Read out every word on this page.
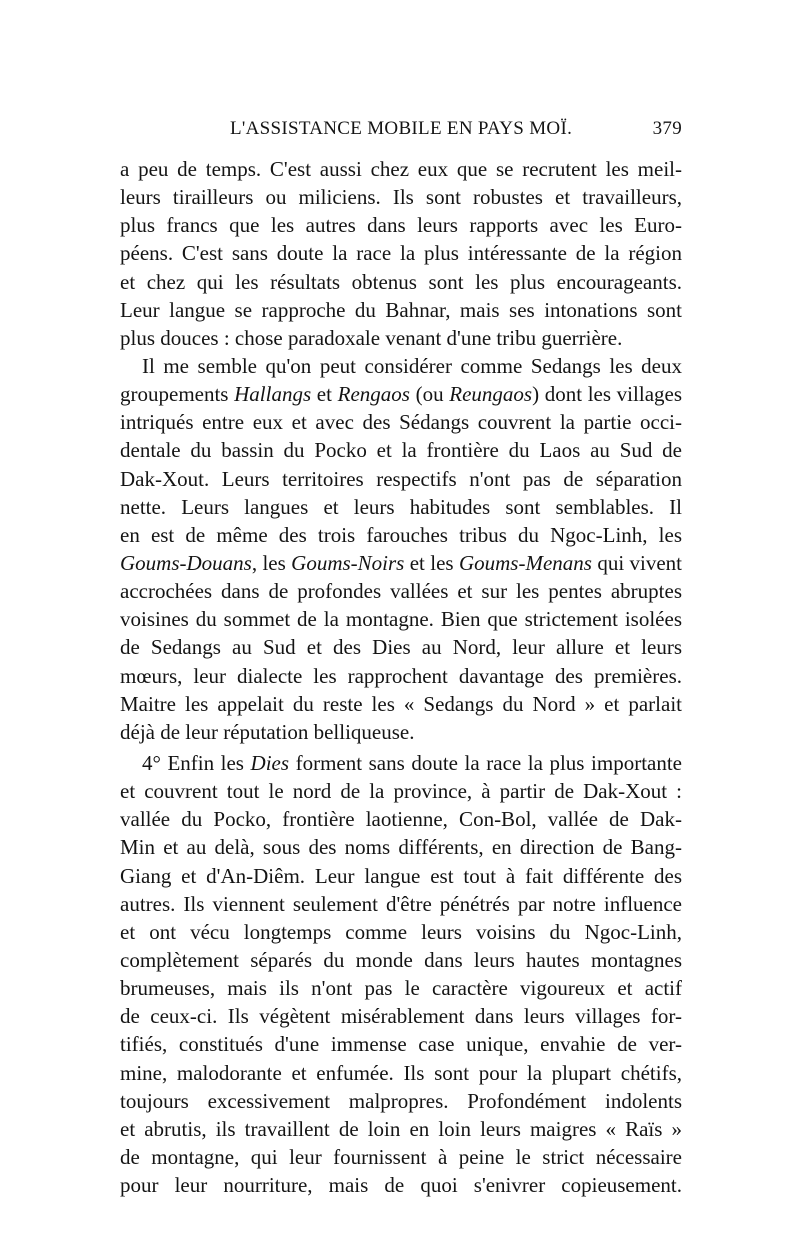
L'ASSISTANCE MOBILE EN PAYS MOÏ.	379
a peu de temps. C'est aussi chez eux que se recrutent les meil-
leurs tirailleurs ou miliciens. Ils sont robustes et travailleurs,
plus francs que les autres dans leurs rapports avec les Euro-
péens. C'est sans doute la race la plus intéressante de la région
et chez qui les résultats obtenus sont les plus encourageants.
Leur langue se rapproche du Bahnar, mais ses intonations sont
plus douces : chose paradoxale venant d'une tribu guerrière.
Il me semble qu'on peut considérer comme Sedangs les deux
groupements Hallangs et Rengaos (ou Reungaos) dont les villages
intriqués entre eux et avec des Sédangs couvrent la partie occi-
dentale du bassin du Pocko et la frontière du Laos au Sud de
Dak-Xout. Leurs territoires respectifs n'ont pas de séparation
nette. Leurs langues et leurs habitudes sont semblables. Il
en est de même des trois farouches tribus du Ngoc-Linh, les
Goums-Douans, les Goums-Noirs et les Goums-Menans qui vivent
accrochées dans de profondes vallées et sur les pentes abruptes
voisines du sommet de la montagne. Bien que strictement isolées
de Sedangs au Sud et des Dies au Nord, leur allure et leurs
mœurs, leur dialecte les rapprochent davantage des premières.
Maitre les appelait du reste les « Sedangs du Nord » et parlait
déjà de leur réputation belliqueuse.
4° Enfin les Dies forment sans doute la race la plus importante
et couvrent tout le nord de la province, à partir de Dak-Xout :
vallée du Pocko, frontière laotienne, Con-Bol, vallée de Dak-
Min et au delà, sous des noms différents, en direction de Bang-
Giang et d'An-Diêm. Leur langue est tout à fait différente des
autres. Ils viennent seulement d'être pénétrés par notre influence
et ont vécu longtemps comme leurs voisins du Ngoc-Linh,
complètement séparés du monde dans leurs hautes montagnes
brumeuses, mais ils n'ont pas le caractère vigoureux et actif
de ceux-ci. Ils végètent misérablement dans leurs villages for-
tifiés, constitués d'une immense case unique, envahie de ver-
mine, malodorante et enfumée. Ils sont pour la plupart chétifs,
toujours excessivement malpropres. Profondément indolents
et abrutis, ils travaillent de loin en loin leurs maigres « Raïs »
de montagne, qui leur fournissent à peine le strict nécessaire
pour leur nourriture, mais de quoi s'enivrer copieusement.
